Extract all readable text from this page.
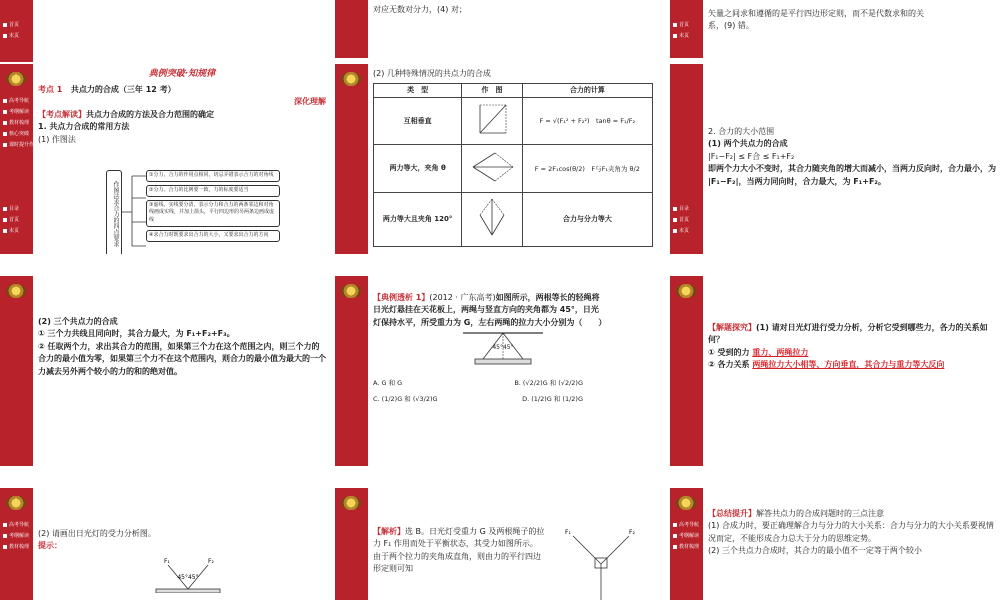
首页
末页
对应无数对分力，(4) 对；
首页
末页
矢量之间求和遵循的是平行四边形定则，而不是代数求和的关
系，(9) 错。
高考导航
考纲解读
教材梳理
核心突破
课时提升作业
目录
首页
末页
典例突破·知规律
考点 1 共点力的合成（三年 12 考）
深化理解
【考点解读】共点力合成的方法及合力范围的确定
1. 共点力合成的常用方法
(1) 作图法
作图法求合力的四点要求
①分力、合力的作用点相同，切忌弄错表示合力的对角线
②分力、合力的比例要一致，力的标度要适当
③虚线、实线要分清，表示分力和合力的两条邻边和对角线画成实线，并加上箭头，平行四边形的另两条边画成虚线
④求合力时既要求出合力的大小，又要求出合力的方向
(2) 几种特殊情况的共点力的合成
类　型	作　图	合力的计算
互相垂直		F = √(F₁² + F₂²)　tanθ = F₁/F₂
两力等大，夹角 θ		F = 2F₁cos(θ/2)　F与F₁夹角为 θ/2
两力等大且夹角 120°		合力与分力等大
目录
首页
末页
2. 合力的大小范围
(1) 两个共点力的合成
|F₁−F₂| ≤ F合 ≤ F₁+F₂
即两个力大小不变时，其合力随夹角的增大而减小，当两力反向时，合力最小，为 |F₁−F₂|，当两力同向时，合力最大，为 F₁+F₂。
(2) 三个共点力的合成
① 三个力共线且同向时，其合力最大，为 F₁+F₂+F₃。
② 任取两个力，求出其合力的范围，如果第三个力在这个范围之内，则三个力的合力的最小值为零，如果第三个力不在这个范围内，则合力的最小值为最大的一个力减去另外两个较小的力的和的绝对值。
【典例透析 1】(2012 · 广东高考)如图所示，两根等长的轻绳将
日光灯悬挂在天花板上，两绳与竖直方向的夹角都为 45°，日光
灯保持水平，所受重力为 G，左右两绳的拉力大小分别为（　　）
45°45°
A. G 和 G	B. (√2/2)G 和 (√2/2)G
C. (1/2)G 和 (√3/2)G	D. (1/2)G 和 (1/2)G
【解题探究】(1) 请对日光灯进行受力分析，分析它受到哪些力，各力的关系如何？
① 受到的力 重力、两绳拉力
② 各力关系 两绳拉力大小相等、方向垂直，其合力与重力等大反向
高考导航
考纲解读
教材梳理
(2) 请画出日光灯的受力分析图。
提示：
F₁	F₂
45°45°
【解析】选 B。日光灯受重力 G 及两根绳子的拉力 F₁ 作用而处于平衡状态，其受力如图所示。由于两个拉力的夹角成直角，则由力的平行四边形定则可知
F₁	F₂
高考导航
考纲解读
教材梳理
【总结提升】解答共点力的合成问题时的三点注意
(1) 合成力时，要正确理解合力与分力的大小关系：合力与分力的大小关系要视情况而定，不能形成合力总大于分力的思维定势。
(2) 三个共点力合成时，其合力的最小值不一定等于两个较小
